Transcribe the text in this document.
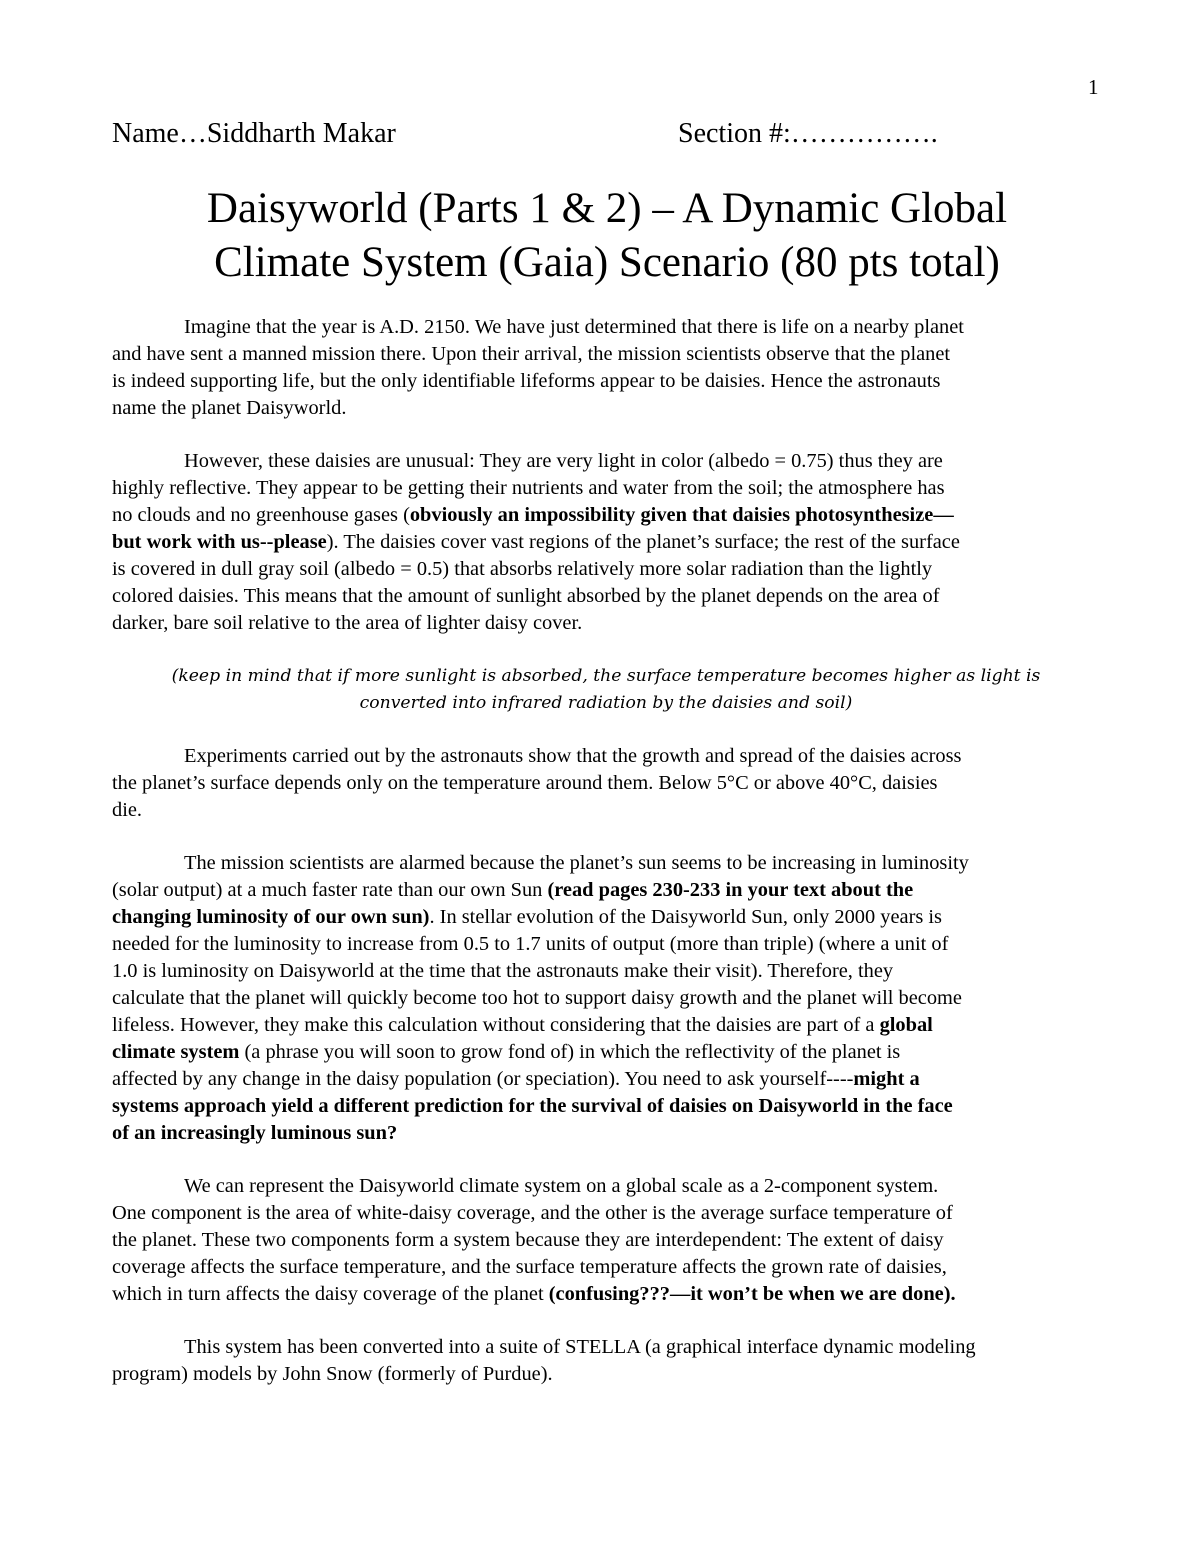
1
Name…Siddharth Makar	Section #:…………….
Daisyworld (Parts 1 & 2) – A Dynamic Global
Climate System (Gaia) Scenario (80 pts total)
Imagine that the year is A.D. 2150. We have just determined that there is life on a nearby planet
and have sent a manned mission there. Upon their arrival, the mission scientists observe that the planet
is indeed supporting life, but the only identifiable lifeforms appear to be daisies. Hence the astronauts
name the planet Daisyworld.
However, these daisies are unusual: They are very light in color (albedo = 0.75) thus they are
highly reflective. They appear to be getting their nutrients and water from the soil; the atmosphere has
no clouds and no greenhouse gases (obviously an impossibility given that daisies photosynthesize—
but work with us--please). The daisies cover vast regions of the planet’s surface; the rest of the surface
is covered in dull gray soil (albedo = 0.5) that absorbs relatively more solar radiation than the lightly
colored daisies. This means that the amount of sunlight absorbed by the planet depends on the area of
darker, bare soil relative to the area of lighter daisy cover.
(keep in mind that if more sunlight is absorbed, the surface temperature becomes higher as light is
converted into infrared radiation by the daisies and soil)
Experiments carried out by the astronauts show that the growth and spread of the daisies across
the planet’s surface depends only on the temperature around them. Below 5°C or above 40°C, daisies
die.
The mission scientists are alarmed because the planet’s sun seems to be increasing in luminosity
(solar output) at a much faster rate than our own Sun (read pages 230-233 in your text about the
changing luminosity of our own sun). In stellar evolution of the Daisyworld Sun, only 2000 years is
needed for the luminosity to increase from 0.5 to 1.7 units of output (more than triple) (where a unit of
1.0 is luminosity on Daisyworld at the time that the astronauts make their visit). Therefore, they
calculate that the planet will quickly become too hot to support daisy growth and the planet will become
lifeless. However, they make this calculation without considering that the daisies are part of a global
climate system (a phrase you will soon to grow fond of) in which the reflectivity of the planet is
affected by any change in the daisy population (or speciation). You need to ask yourself----might a
systems approach yield a different prediction for the survival of daisies on Daisyworld in the face
of an increasingly luminous sun?
We can represent the Daisyworld climate system on a global scale as a 2-component system.
One component is the area of white-daisy coverage, and the other is the average surface temperature of
the planet. These two components form a system because they are interdependent: The extent of daisy
coverage affects the surface temperature, and the surface temperature affects the grown rate of daisies,
which in turn affects the daisy coverage of the planet (confusing???—it won’t be when we are done).
This system has been converted into a suite of STELLA (a graphical interface dynamic modeling
program) models by John Snow (formerly of Purdue).
